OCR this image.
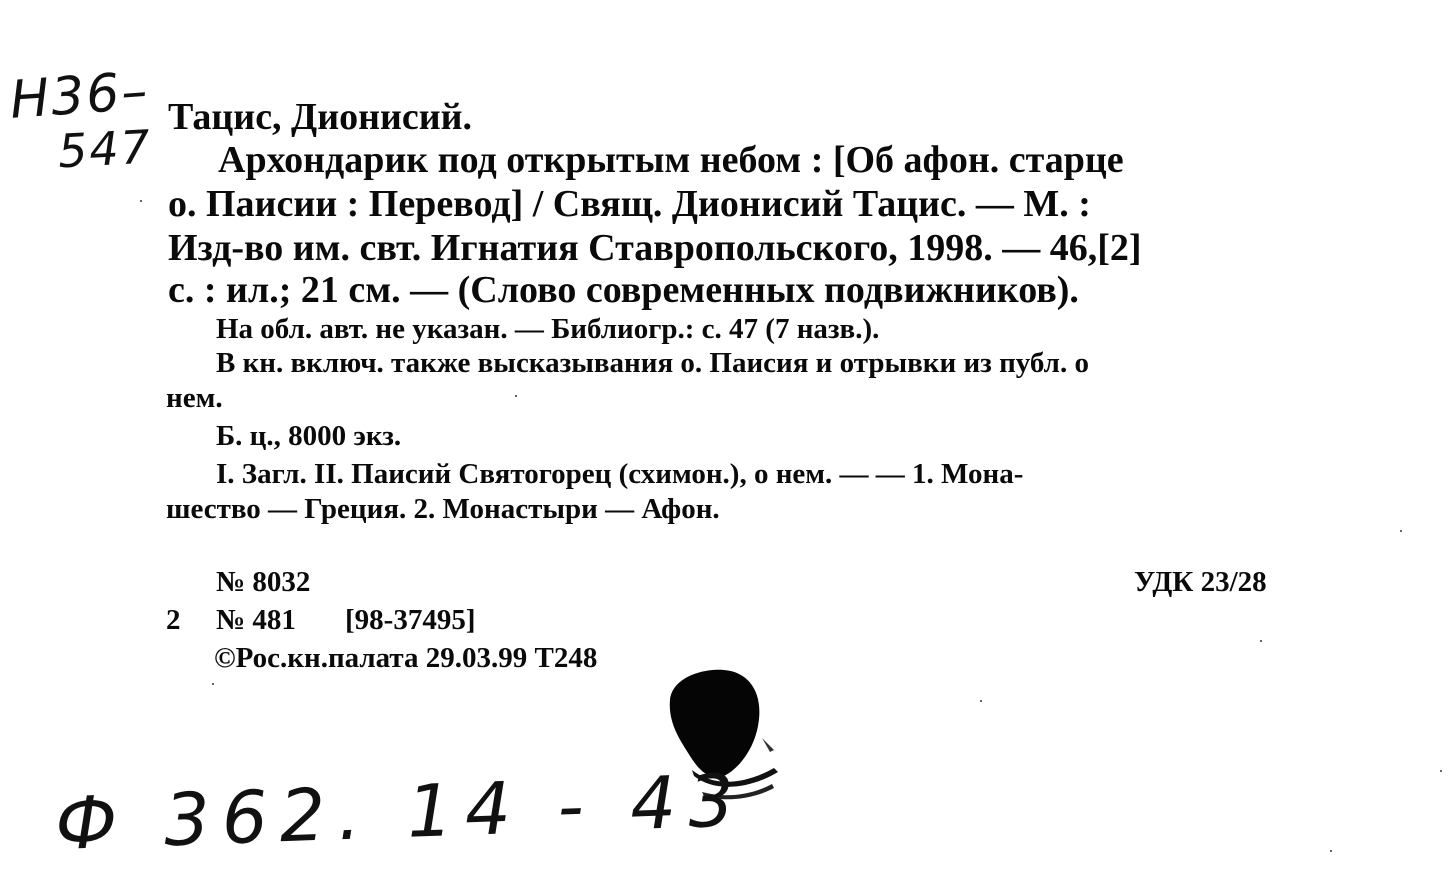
Н36–
547
Тацис, Дионисий.
Архондарик под открытым небом : [Об афон. старце
о. Паисии : Перевод] / Свящ. Дионисий Тацис. — М. :
Изд-во им. свт. Игнатия Ставропольского, 1998. — 46,[2]
с. : ил.; 21 см. — (Слово современных подвижников).
На обл. авт. не указан. — Библиогр.: с. 47 (7 назв.).
В кн. включ. также высказывания о. Паисия и отрывки из публ. о
нем.
Б. ц., 8000 экз.
I. Загл. II. Паисий Святогорец (схимон.), о нем. — — 1. Мона-
шество — Греция. 2. Монастыри — Афон.
№ 8032	УДК 23/28
2 № 481 [98-37495]
©Рос.кн.палата 29.03.99 Т248
Ф 362. 14 - 43
